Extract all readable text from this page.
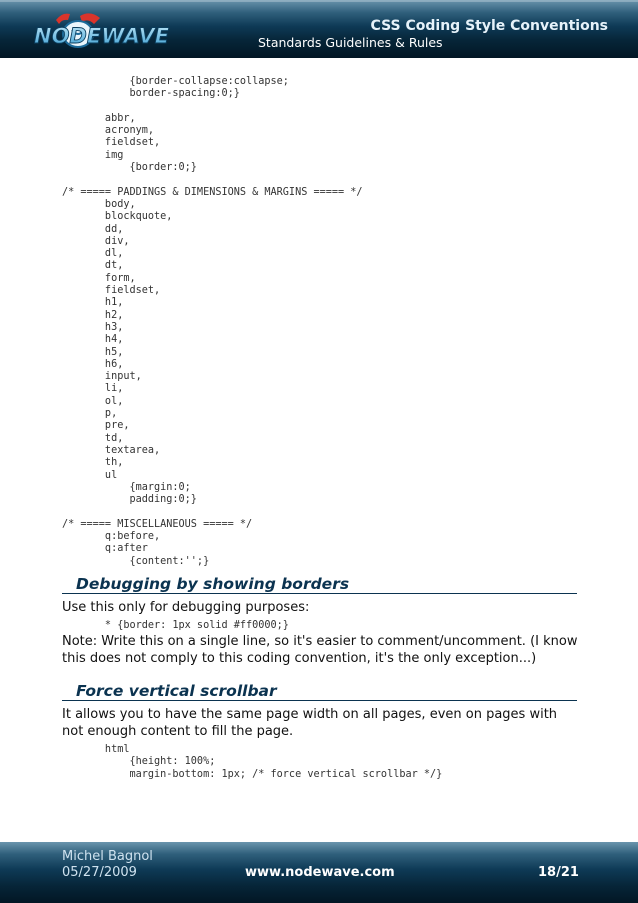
NODEWAVE	CSS Coding Style Conventions
Standards Guidelines & Rules
{border-collapse:collapse;
border-spacing:0;}

abbr,
acronym,
fieldset,
img
{border:0;}

/* ===== PADDINGS & DIMENSIONS & MARGINS ===== */
body,
blockquote,
dd,
div,
dl,
dt,
form,
fieldset,
h1,
h2,
h3,
h4,
h5,
h6,
input,
li,
ol,
p,
pre,
td,
textarea,
th,
ul
{margin:0;
padding:0;}

/* ===== MISCELLANEOUS ===== */
q:before,
q:after
{content:'';}
Debugging by showing borders
Use this only for debugging purposes:
* {border: 1px solid #ff0000;}
Note: Write this on a single line, so it's easier to comment/uncomment. (I know this does not comply to this coding convention, it's the only exception...)
Force vertical scrollbar
It allows you to have the same page width on all pages, even on pages with not enough content to fill the page.
html
{height: 100%;
margin-bottom: 1px; /* force vertical scrollbar */}
Michel Bagnol
05/27/2009	www.nodewave.com	18/21
